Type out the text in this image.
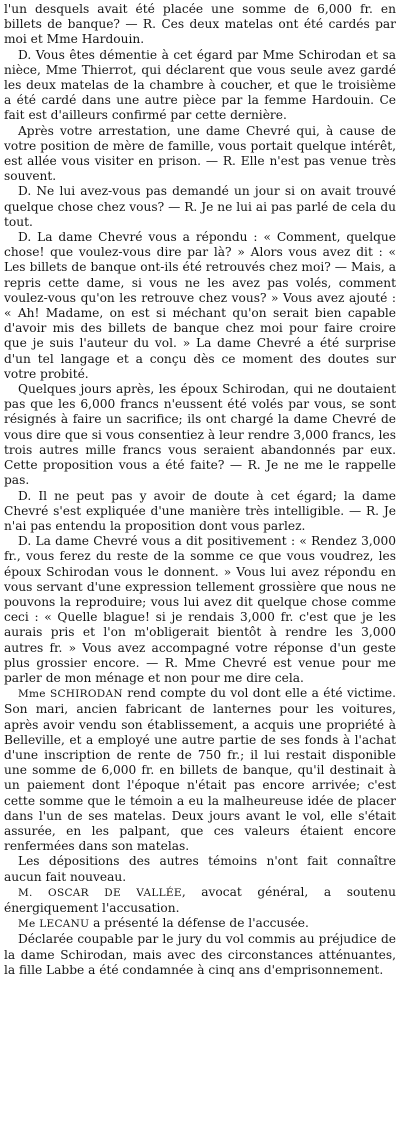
l'un desquels avait été placée une somme de 6,000 fr. en billets de banque? — R. Ces deux matelas ont été cardés par moi et Mme Hardouin.

D. Vous êtes démentie à cet égard par Mme Schirodan et sa nièce, Mme Thierrot, qui déclarent que vous seule avez gardé les deux matelas de la chambre à coucher, et que le troisième a été cardé dans une autre pièce par la femme Hardouin. Ce fait est d'ailleurs confirmé par cette dernière.

Après votre arrestation, une dame Chevré qui, à cause de votre position de mère de famille, vous portait quelque intérêt, est allée vous visiter en prison. — R. Elle n'est pas venue très souvent.

D. Ne lui avez-vous pas demandé un jour si on avait trouvé quelque chose chez vous? — R. Je ne lui ai pas parlé de cela du tout.

D. La dame Chevré vous a répondu : « Comment, quelque chose! que voulez-vous dire par là? » Alors vous avez dit : « Les billets de banque ont-ils été retrouvés chez moi? — Mais, a repris cette dame, si vous ne les avez pas volés, comment voulez-vous qu'on les retrouve chez vous? » Vous avez ajouté : « Ah! Madame, on est si méchant qu'on serait bien capable d'avoir mis des billets de banque chez moi pour faire croire que je suis l'auteur du vol. » La dame Chevré a été surprise d'un tel langage et a conçu dès ce moment des doutes sur votre probité.

Quelques jours après, les époux Schirodan, qui ne doutaient pas que les 6,000 francs n'eussent été volés par vous, se sont résignés à faire un sacrifice; ils ont chargé la dame Chevré de vous dire que si vous consentiez à leur rendre 3,000 francs, les trois autres mille francs vous seraient abandonnés par eux. Cette proposition vous a été faite? — R. Je ne me le rappelle pas.

D. Il ne peut pas y avoir de doute à cet égard; la dame Chevré s'est expliquée d'une manière très intelligible. — R. Je n'ai pas entendu la proposition dont vous parlez.

D. La dame Chevré vous a dit positivement : « Rendez 3,000 fr., vous ferez du reste de la somme ce que vous voudrez, les époux Schirodan vous le donnent. » Vous lui avez répondu en vous servant d'une expression tellement grossière que nous ne pouvons la reproduire; vous lui avez dit quelque chose comme ceci : « Quelle blague! si je rendais 3,000 fr. c'est que je les aurais pris et l'on m'obligerait bientôt à rendre les 3,000 autres fr. » Vous avez accompagné votre réponse d'un geste plus grossier encore. — R. Mme Chevré est venue pour me parler de mon ménage et non pour me dire cela.

Mme SCHIRODAN rend compte du vol dont elle a été victime. Son mari, ancien fabricant de lanternes pour les voitures, après avoir vendu son établissement, a acquis une propriété à Belleville, et a employé une autre partie de ses fonds à l'achat d'une inscription de rente de 750 fr.; il lui restait disponible une somme de 6,000 fr. en billets de banque, qu'il destinait à un paiement dont l'époque n'était pas encore arrivée; c'est cette somme que le témoin a eu la malheureuse idée de placer dans l'un de ses matelas. Deux jours avant le vol, elle s'était assurée, en les palpant, que ces valeurs étaient encore renfermées dans son matelas.

Les dépositions des autres témoins n'ont fait connaître aucun fait nouveau.

M. OSCAR DE VALLÉE, avocat général, a soutenu énergiquement l'accusation.

Me LECANU a présenté la défense de l'accusée.

Déclarée coupable par le jury du vol commis au préjudice de la dame Schirodan, mais avec des circonstances atténuantes, la fille Labbe a été condamnée à cinq ans d'emprisonnement.
